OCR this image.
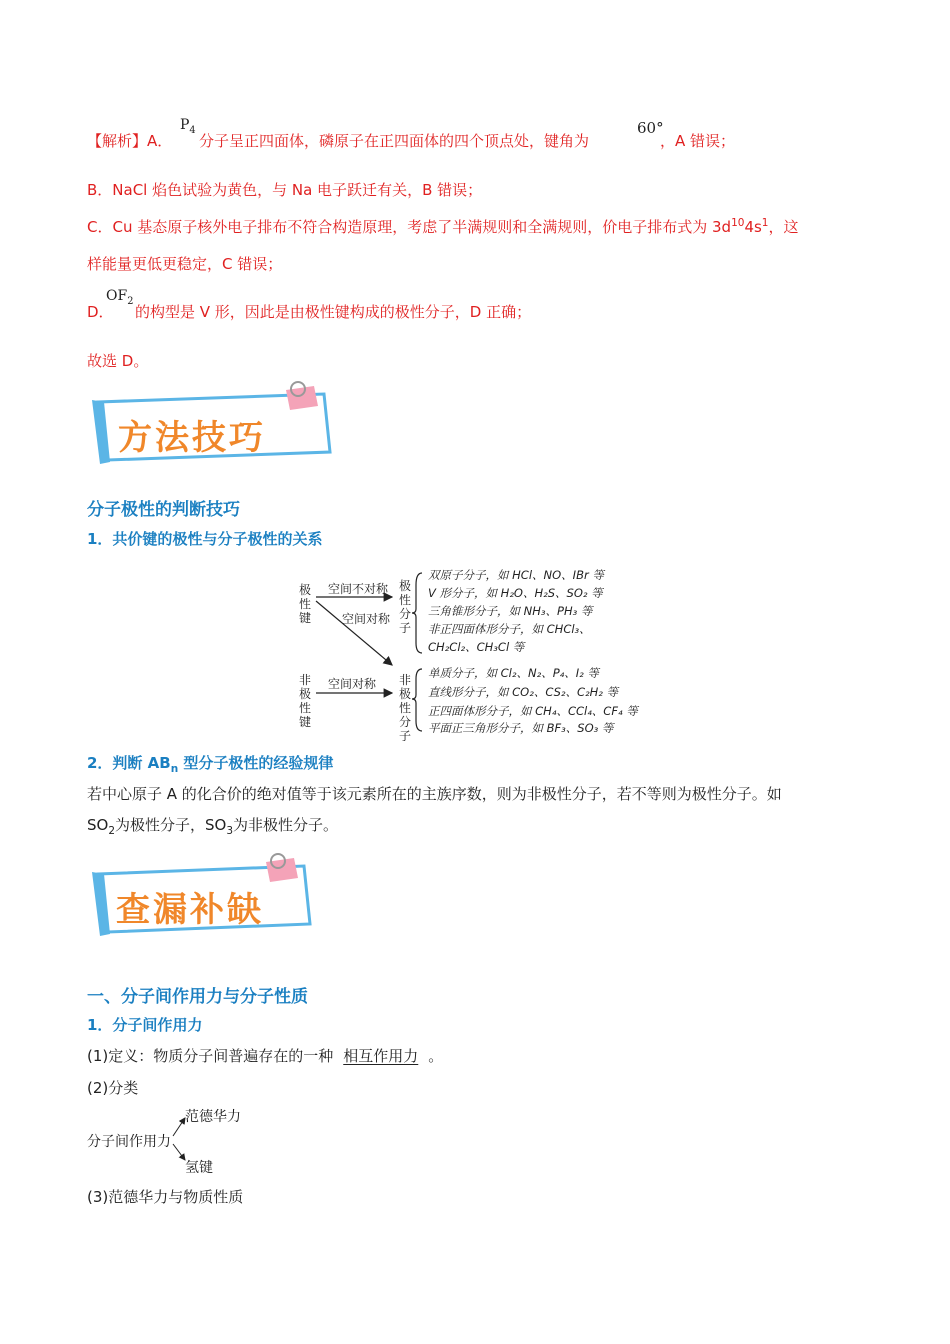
【解析】A．
$P_4$
分子呈正四面体，磷原子在正四面体的四个顶点处，键角为
60°
，A 错误；
B．NaCl 焰色试验为黄色，与 Na 电子跃迁有关，B 错误；
C．Cu 基态原子核外电子排布不符合构造原理，考虑了半满规则和全满规则，价电子排布式为 $3d^{10}4s^1$，这
样能量更低更稳定，C 错误；
D．
$OF_2$
的构型是 V 形，因此是由极性键构成的极性分子，D 正确；
故选 D。
方法技巧
分子极性的判断技巧
1．共价键的极性与分子极性的关系
极性键
非极性键
空间不对称
空间对称
空间对称
极性分子
非极性分子
双原子分子，如 HCl、NO、IBr 等
V 形分子，如 H₂O、H₂S、SO₂ 等
三角锥形分子，如 NH₃、PH₃ 等
非正四面体形分子，如 CHCl₃、
CH₂Cl₂、CH₃Cl 等
单质分子，如 Cl₂、N₂、P₄、I₂ 等
直线形分子，如 CO₂、CS₂、C₂H₂ 等
正四面体形分子，如 CH₄、CCl₄、CF₄ 等
平面正三角形分子，如 BF₃、SO₃ 等
2．判断 $AB_n$ 型分子极性的经验规律
若中心原子 A 的化合价的绝对值等于该元素所在的主族序数，则为非极性分子，若不等则为极性分子。如
$SO_2$为极性分子，$SO_3$为非极性分子。
查漏补缺
一、分子间作用力与分子性质
1．分子间作用力
(1)定义：物质分子间普遍存在的一种 相互作用力 。
(2)分类
分子间作用力
范德华力
氢键
(3)范德华力与物质性质
